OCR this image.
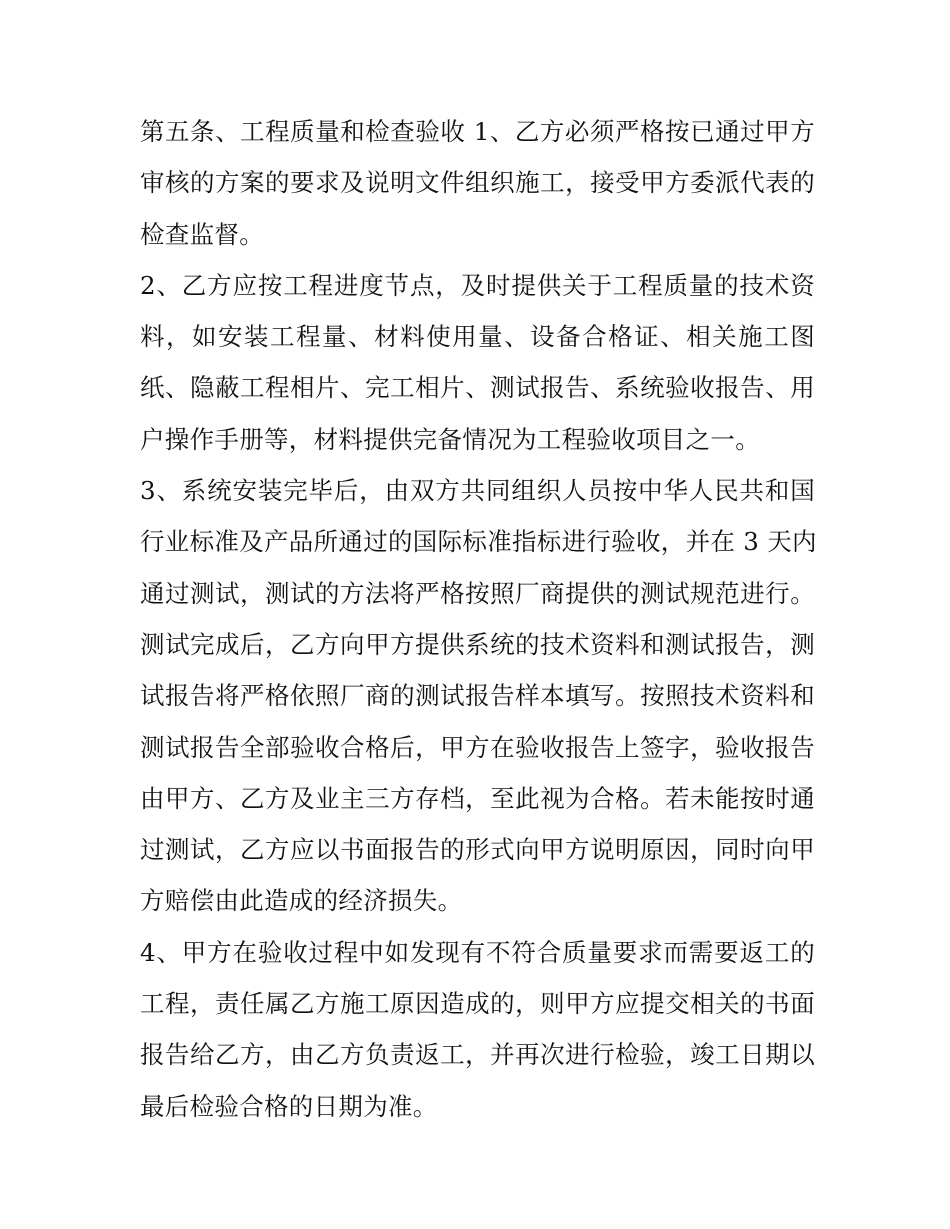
第五条、工程质量和检查验收 1、乙方必须严格按已通过甲方
审核的方案的要求及说明文件组织施工，接受甲方委派代表的
检查监督。
2、乙方应按工程进度节点，及时提供关于工程质量的技术资
料，如安装工程量、材料使用量、设备合格证、相关施工图
纸、隐蔽工程相片、完工相片、测试报告、系统验收报告、用
户操作手册等，材料提供完备情况为工程验收项目之一。
3、系统安装完毕后，由双方共同组织人员按中华人民共和国
行业标准及产品所通过的国际标准指标进行验收，并在 3 天内
通过测试，测试的方法将严格按照厂商提供的测试规范进行。
测试完成后，乙方向甲方提供系统的技术资料和测试报告，测
试报告将严格依照厂商的测试报告样本填写。按照技术资料和
测试报告全部验收合格后，甲方在验收报告上签字，验收报告
由甲方、乙方及业主三方存档，至此视为合格。若未能按时通
过测试，乙方应以书面报告的形式向甲方说明原因，同时向甲
方赔偿由此造成的经济损失。
4、甲方在验收过程中如发现有不符合质量要求而需要返工的
工程，责任属乙方施工原因造成的，则甲方应提交相关的书面
报告给乙方，由乙方负责返工，并再次进行检验，竣工日期以
最后检验合格的日期为准。
